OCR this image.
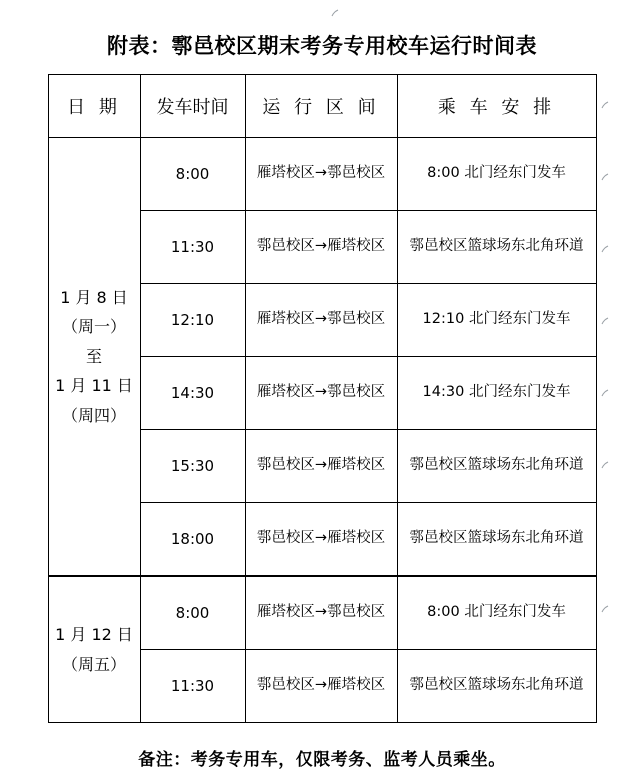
附表：鄠邑校区期末考务专用校车运行时间表
日 期	发车时间	运 行 区 间	乘 车 安 排
1 月 8 日
（周一）
至
1 月 11 日
（周四）	8:00	雁塔校区→鄠邑校区	8:00 北门经东门发车
	11:30	鄠邑校区→雁塔校区	鄠邑校区篮球场东北角环道
	12:10	雁塔校区→鄠邑校区	12:10 北门经东门发车
	14:30	雁塔校区→鄠邑校区	14:30 北门经东门发车
	15:30	鄠邑校区→雁塔校区	鄠邑校区篮球场东北角环道
	18:00	鄠邑校区→雁塔校区	鄠邑校区篮球场东北角环道
1 月 12 日
（周五）	8:00	雁塔校区→鄠邑校区	8:00 北门经东门发车
	11:30	鄠邑校区→雁塔校区	鄠邑校区篮球场东北角环道
备注：考务专用车，仅限考务、监考人员乘坐。
